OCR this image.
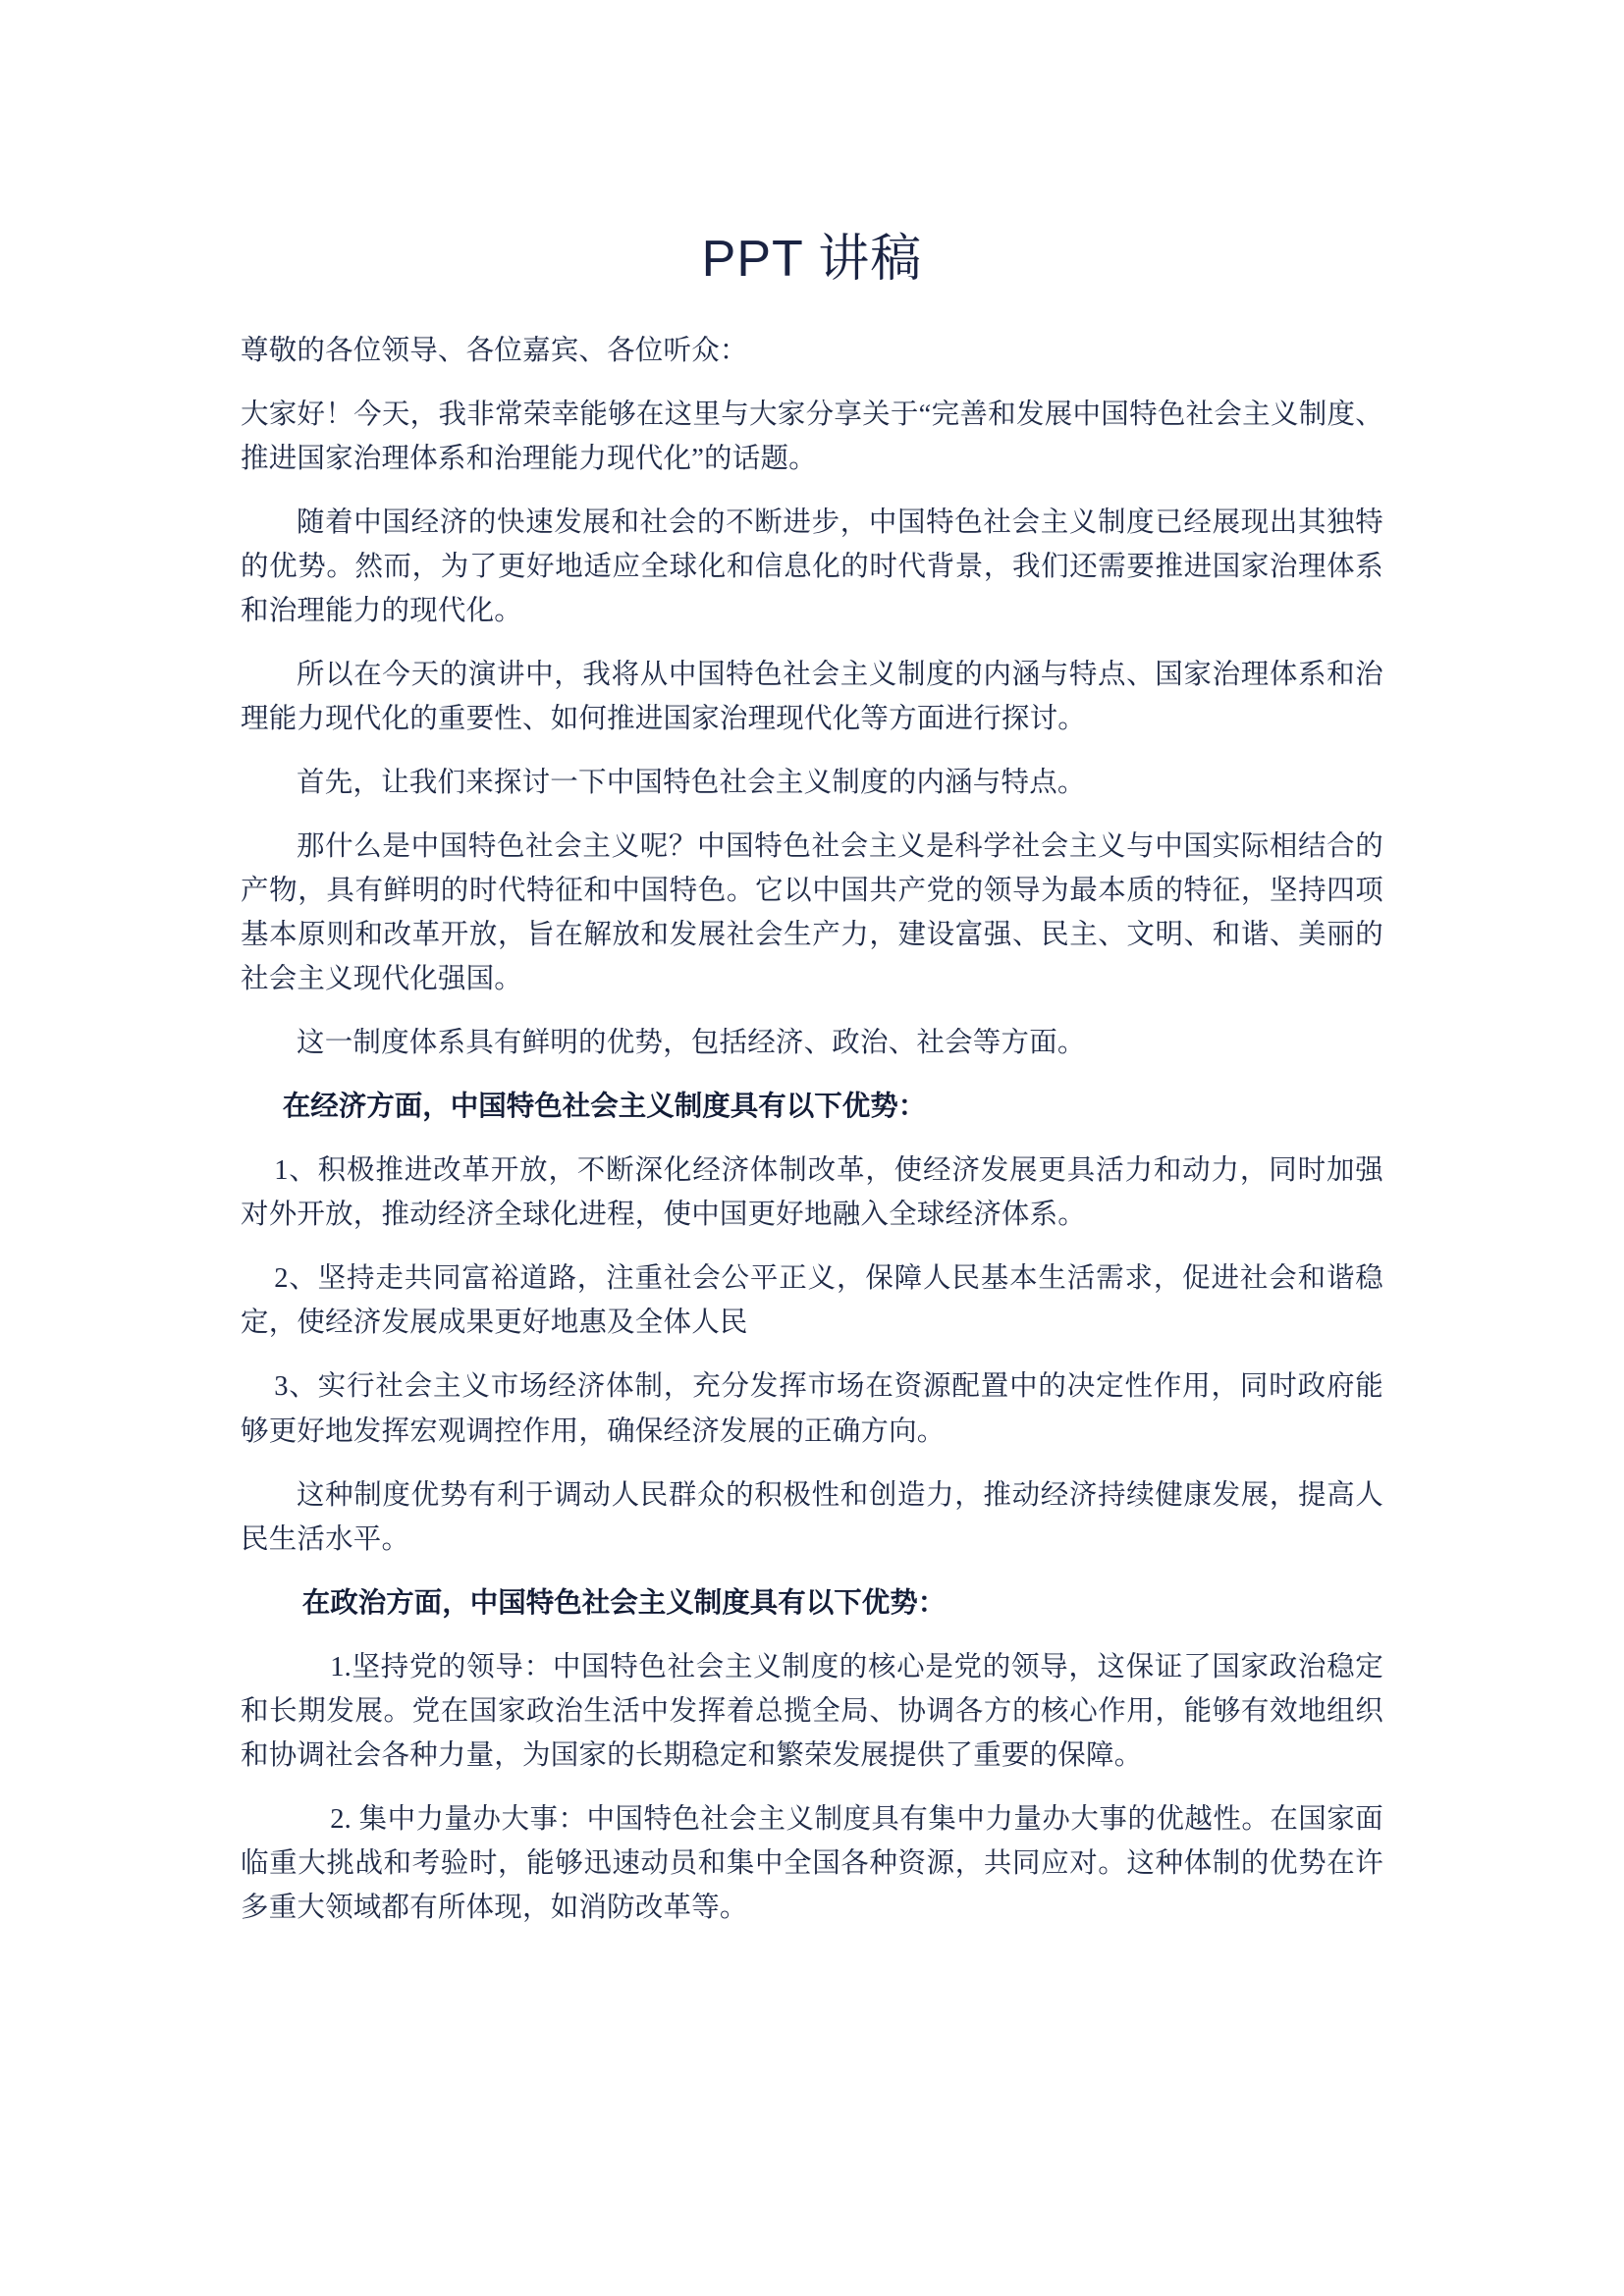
PPT 讲稿

尊敬的各位领导、各位嘉宾、各位听众：

大家好！今天，我非常荣幸能够在这里与大家分享关于“完善和发展中国特色社会主义制度、推进国家治理体系和治理能力现代化”的话题。

随着中国经济的快速发展和社会的不断进步，中国特色社会主义制度已经展现出其独特的优势。然而，为了更好地适应全球化和信息化的时代背景，我们还需要推进国家治理体系和治理能力的现代化。

所以在今天的演讲中，我将从中国特色社会主义制度的内涵与特点、国家治理体系和治理能力现代化的重要性、如何推进国家治理现代化等方面进行探讨。

首先，让我们来探讨一下中国特色社会主义制度的内涵与特点。

那什么是中国特色社会主义呢？中国特色社会主义是科学社会主义与中国实际相结合的产物，具有鲜明的时代特征和中国特色。它以中国共产党的领导为最本质的特征，坚持四项基本原则和改革开放，旨在解放和发展社会生产力，建设富强、民主、文明、和谐、美丽的社会主义现代化强国。

这一制度体系具有鲜明的优势，包括经济、政治、社会等方面。

在经济方面，中国特色社会主义制度具有以下优势：

1、积极推进改革开放，不断深化经济体制改革，使经济发展更具活力和动力，同时加强对外开放，推动经济全球化进程，使中国更好地融入全球经济体系。

2、坚持走共同富裕道路，注重社会公平正义，保障人民基本生活需求，促进社会和谐稳定，使经济发展成果更好地惠及全体人民

3、实行社会主义市场经济体制，充分发挥市场在资源配置中的决定性作用，同时政府能够更好地发挥宏观调控作用，确保经济发展的正确方向。

这种制度优势有利于调动人民群众的积极性和创造力，推动经济持续健康发展，提高人民生活水平。

在政治方面，中国特色社会主义制度具有以下优势：

1.坚持党的领导：中国特色社会主义制度的核心是党的领导，这保证了国家政治稳定和长期发展。党在国家政治生活中发挥着总揽全局、协调各方的核心作用，能够有效地组织和协调社会各种力量，为国家的长期稳定和繁荣发展提供了重要的保障。

2. 集中力量办大事：中国特色社会主义制度具有集中力量办大事的优越性。在国家面临重大挑战和考验时，能够迅速动员和集中全国各种资源，共同应对。这种体制的优势在许多重大领域都有所体现，如消防改革等。
